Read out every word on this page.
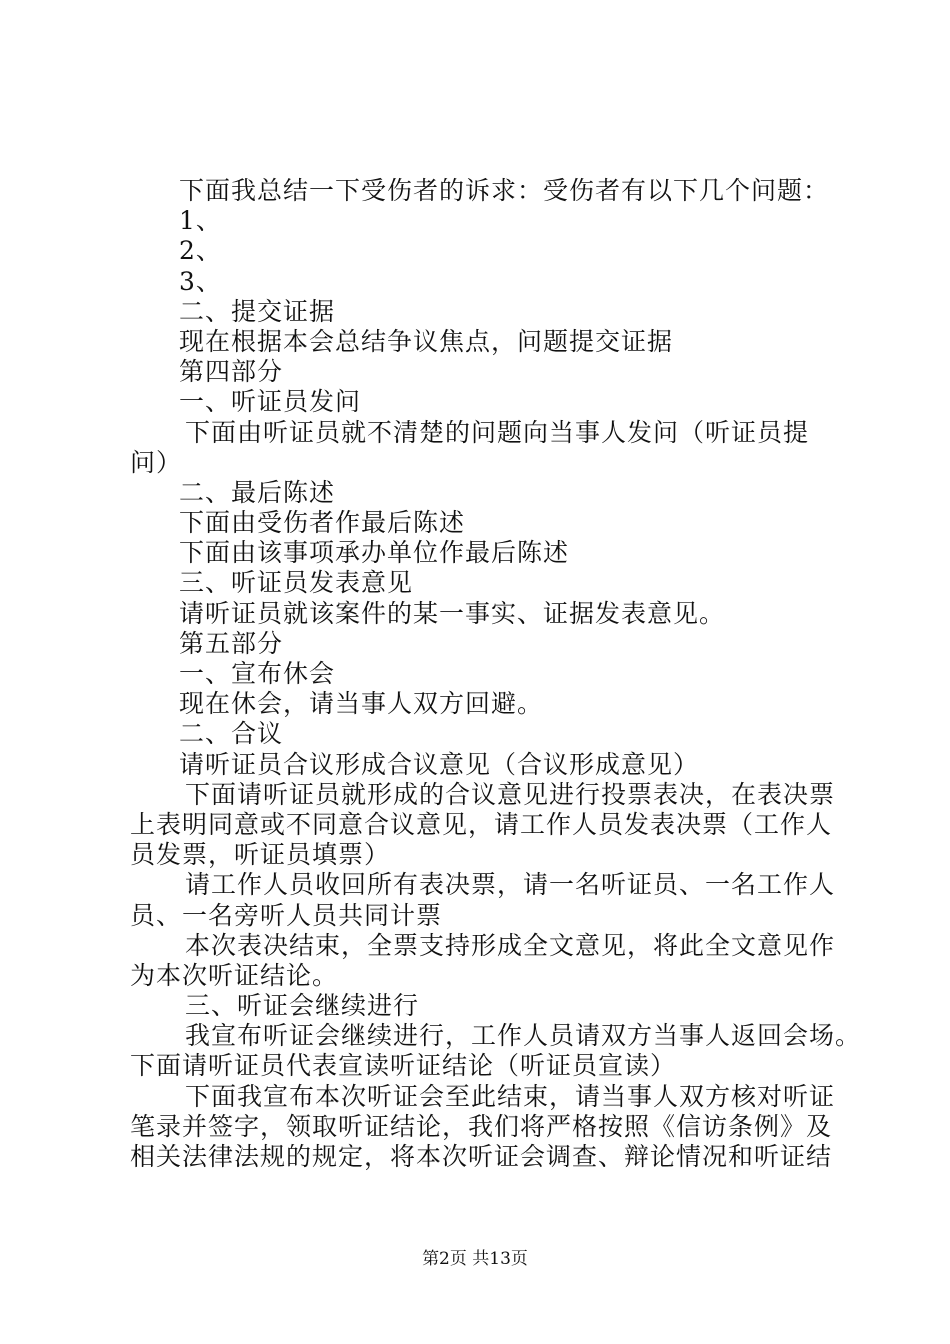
下面我总结一下受伤者的诉求：受伤者有以下几个问题：
1、
2、
3、
二、提交证据
现在根据本会总结争议焦点，问题提交证据
第四部分
一、听证员发问
下面由听证员就不清楚的问题向当事人发问（听证员提
问）
二、最后陈述
下面由受伤者作最后陈述
下面由该事项承办单位作最后陈述
三、听证员发表意见
请听证员就该案件的某一事实、证据发表意见。
第五部分
一、宣布休会
现在休会，请当事人双方回避。
二、合议
请听证员合议形成合议意见（合议形成意见）
下面请听证员就形成的合议意见进行投票表决，在表决票
上表明同意或不同意合议意见，请工作人员发表决票（工作人
员发票，听证员填票）
请工作人员收回所有表决票，请一名听证员、一名工作人
员、一名旁听人员共同计票
本次表决结束，全票支持形成全文意见，将此全文意见作
为本次听证结论。
三、听证会继续进行
我宣布听证会继续进行，工作人员请双方当事人返回会场。
下面请听证员代表宣读听证结论（听证员宣读）
下面我宣布本次听证会至此结束，请当事人双方核对听证
笔录并签字，领取听证结论，我们将严格按照《信访条例》及
相关法律法规的规定，将本次听证会调查、辩论情况和听证结
第2页 共13页
